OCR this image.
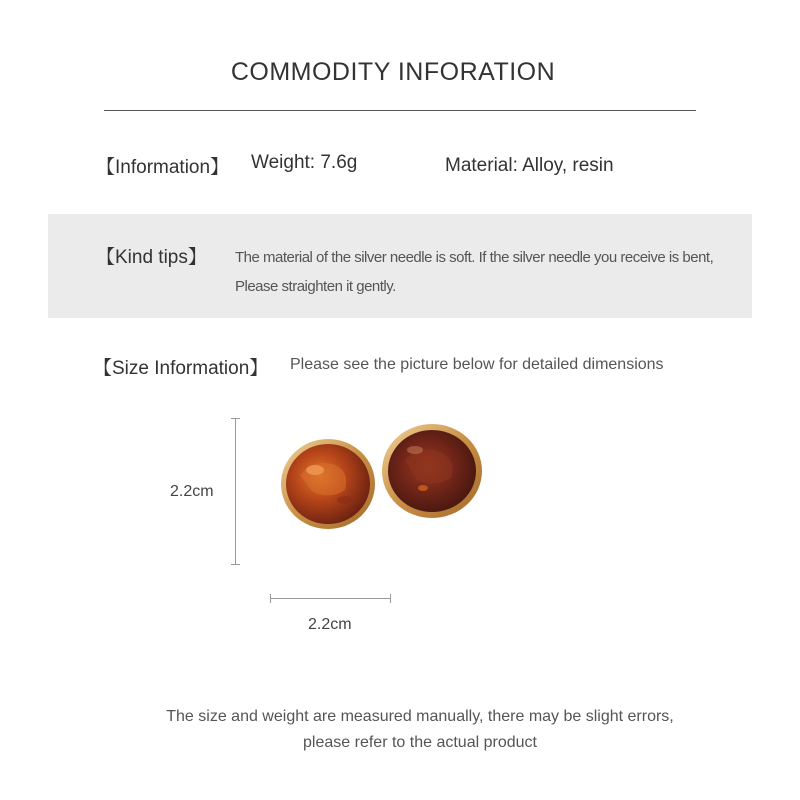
COMMODITY INFORATION
【Information】 Weight: 7.6g	Material: Alloy, resin
【Kind tips】 The material of the silver needle is soft. If the silver needle you receive is bent,
Please straighten it gently.
【Size Information】 Please see the picture below for detailed dimensions
2.2cm
2.2cm
The size and weight are measured manually, there may be slight errors,
please refer to the actual product
